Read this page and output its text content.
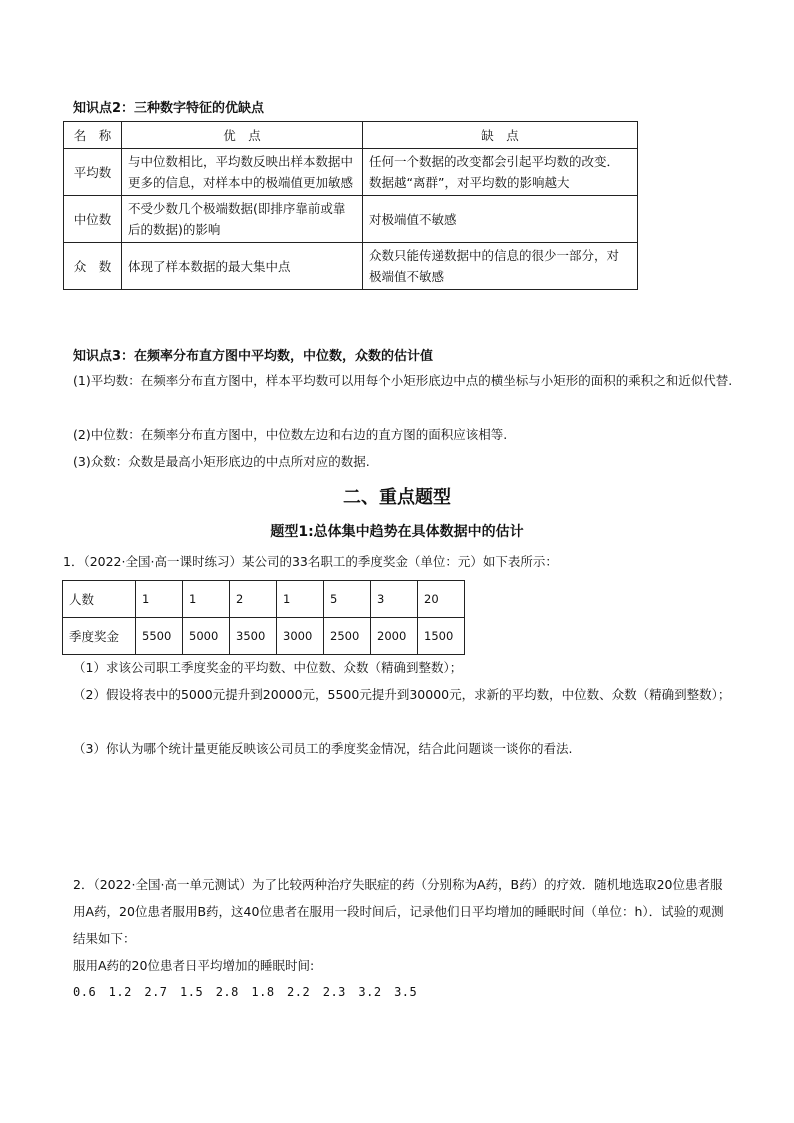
知识点2：三种数字特征的优缺点
名　称	优　点	缺　点
平均数	与中位数相比，平均数反映出样本数据中更多的信息，对样本中的极端值更加敏感	任何一个数据的改变都会引起平均数的改变．数据越“离群”，对平均数的影响越大
中位数	不受少数几个极端数据(即排序靠前或靠后的数据)的影响	对极端值不敏感
众　数	体现了样本数据的最大集中点	众数只能传递数据中的信息的很少一部分，对极端值不敏感
知识点3：在频率分布直方图中平均数，中位数，众数的估计值
(1)平均数：在频率分布直方图中，样本平均数可以用每个小矩形底边中点的横坐标与小矩形的面积的乘积之和近似代替.
(2)中位数：在频率分布直方图中，中位数左边和右边的直方图的面积应该相等.
(3)众数：众数是最高小矩形底边的中点所对应的数据.
二、重点题型
题型1:总体集中趋势在具体数据中的估计
1．（2022·全国·高一课时练习）某公司的33名职工的季度奖金（单位：元）如下表所示：
人数	1	1	2	1	5	3	20
季度奖金	5500	5000	3500	3000	2500	2000	1500
（1）求该公司职工季度奖金的平均数、中位数、众数（精确到整数）；
（2）假设将表中的5000元提升到20000元，5500元提升到30000元，求新的平均数，中位数、众数（精确到整数）；
（3）你认为哪个统计量更能反映该公司员工的季度奖金情况，结合此问题谈一谈你的看法.
2．（2022·全国·高一单元测试）为了比较两种治疗失眠症的药（分别称为A药，B药）的疗效．随机地选取20位患者服用A药，20位患者服用B药，这40位患者在服用一段时间后，记录他们日平均增加的睡眠时间（单位：h）．试验的观测结果如下：
服用A药的20位患者日平均增加的睡眠时间:
0.6　1.2　2.7　1.5　2.8　1.8　2.2　2.3　3.2　3.5
